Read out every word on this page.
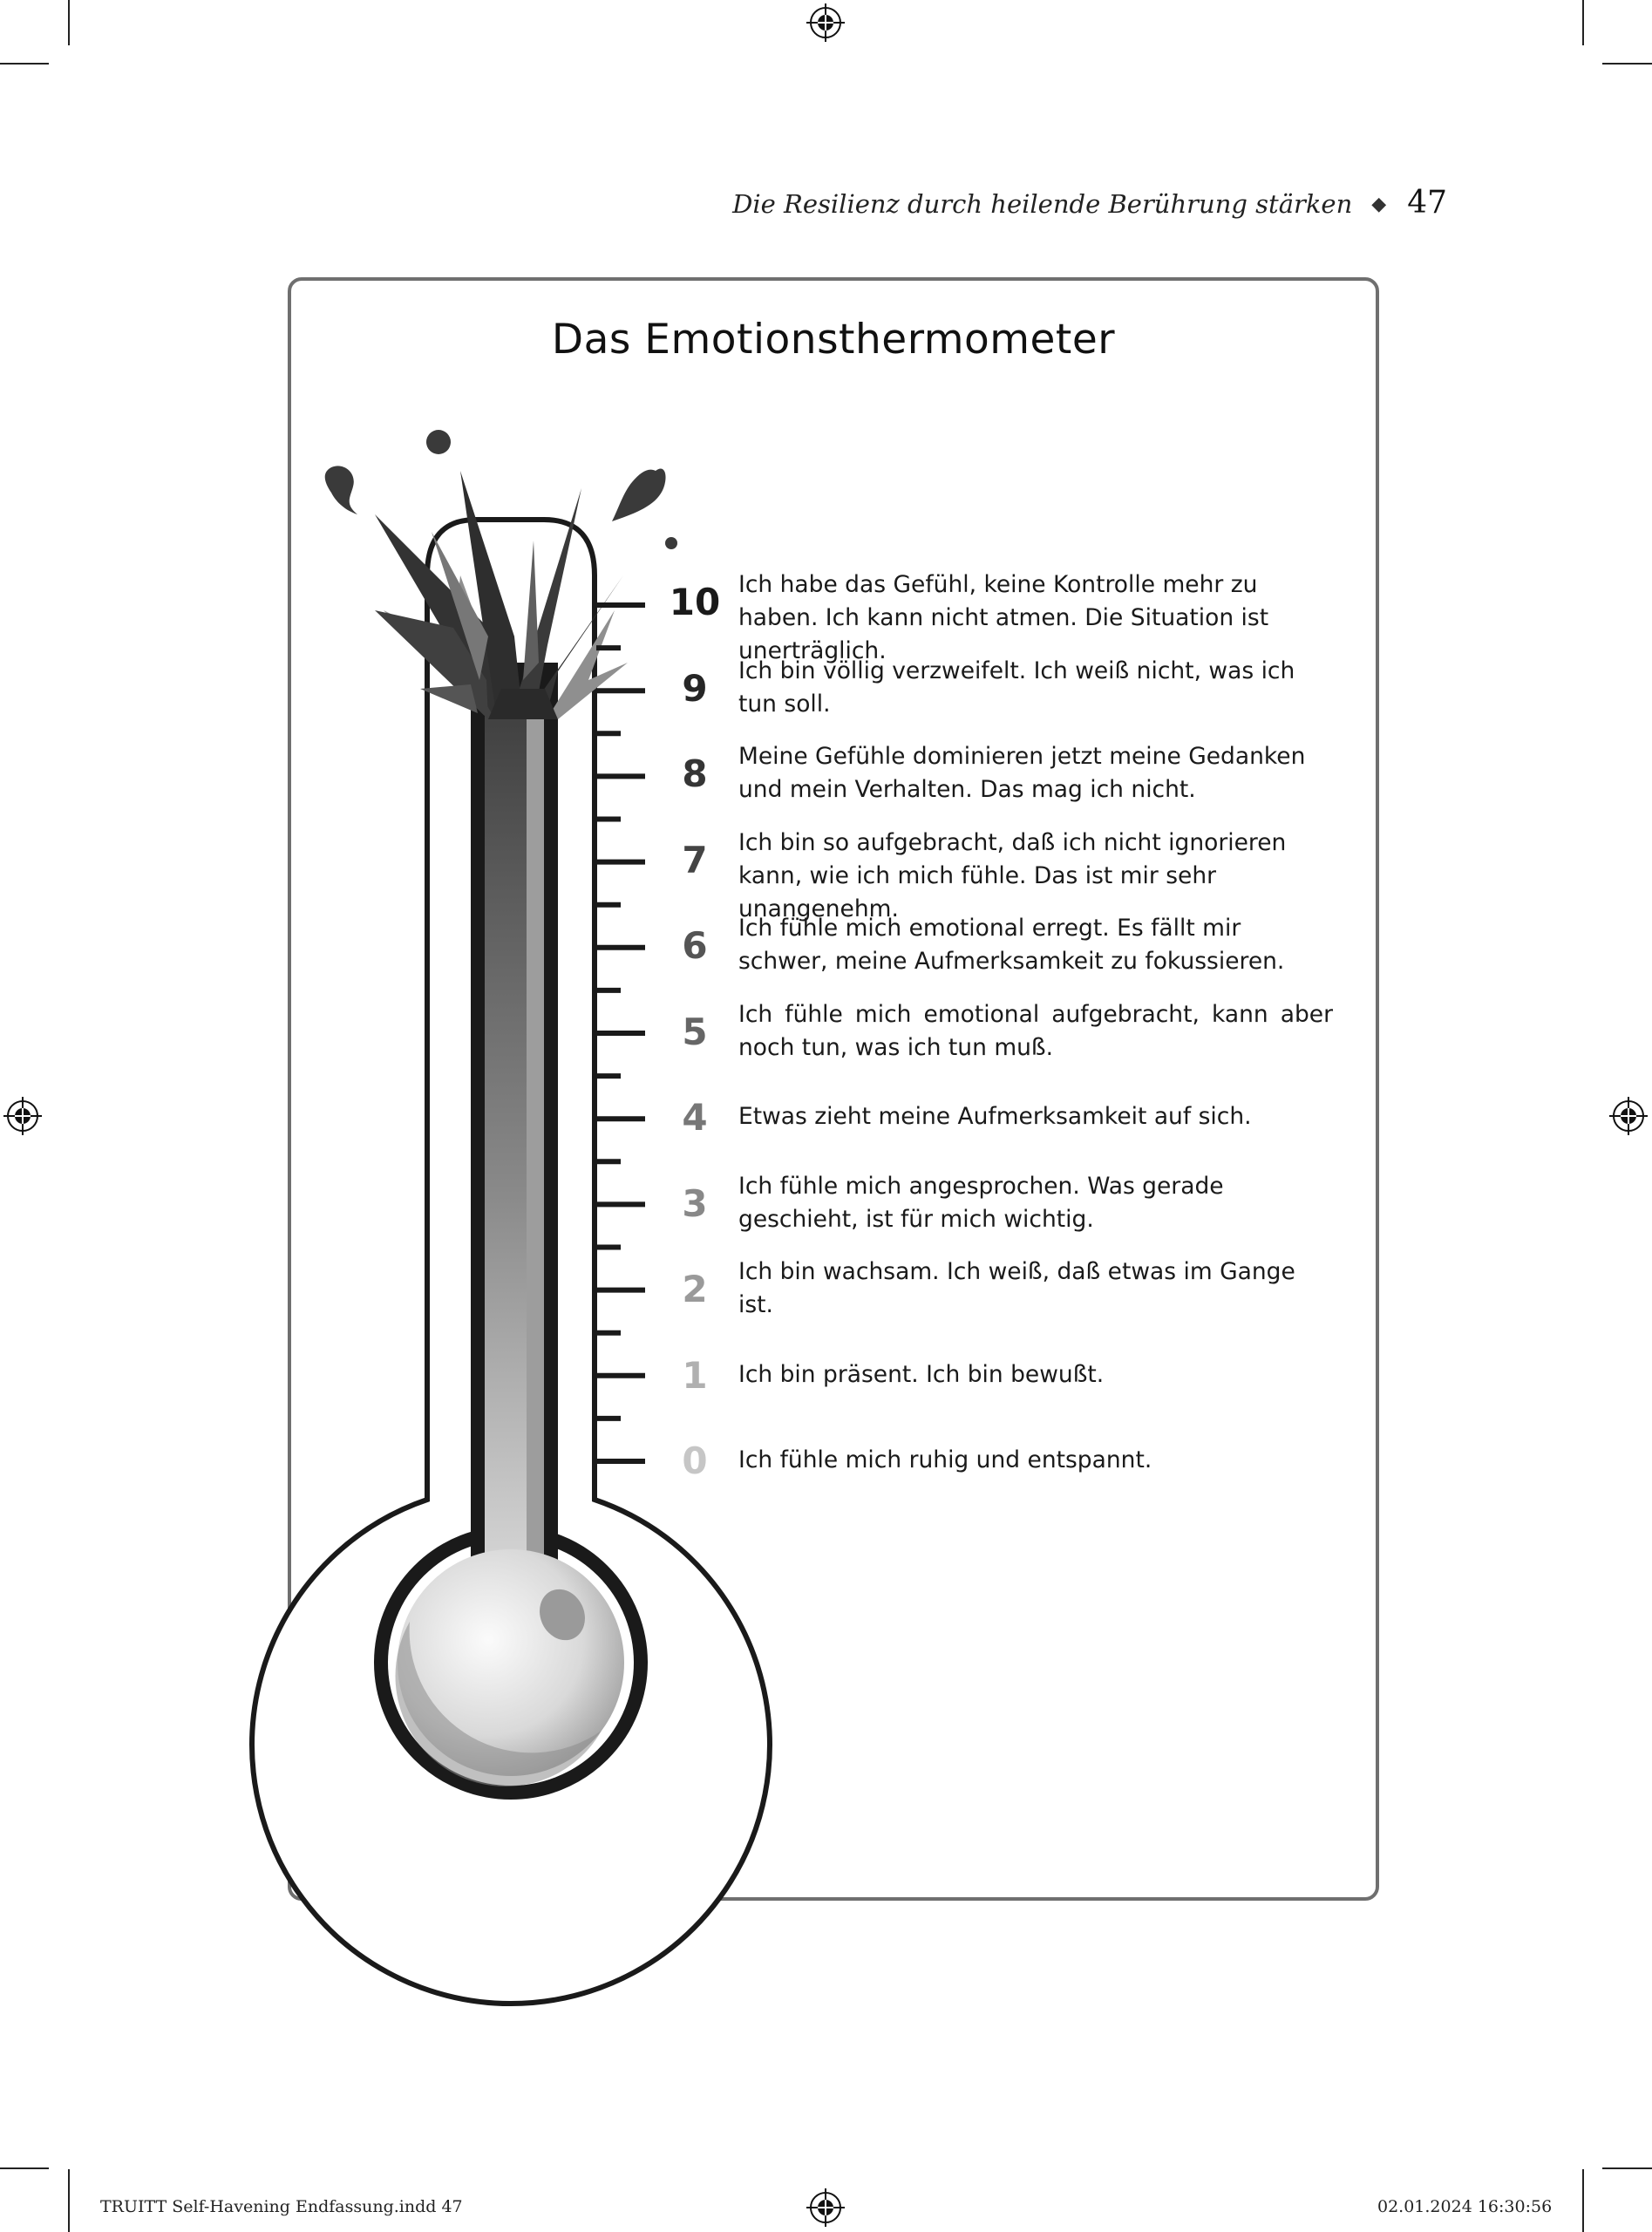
Die Resilienz durch heilende Berührung stärken ◆ 47
Das Emotionsthermometer
10 Ich habe das Gefühl, keine Kontrolle mehr zu haben. Ich kann nicht atmen. Die Situation ist unerträglich.
9	Ich bin völlig verzweifelt. Ich weiß nicht, was ich tun soll.
8	Meine Gefühle dominieren jetzt meine Gedanken und mein Verhalten. Das mag ich nicht.
7	Ich bin so aufgebracht, daß ich nicht ignorieren kann, wie ich mich fühle. Das ist mir sehr unangenehm.
6	Ich fühle mich emotional erregt. Es fällt mir schwer, meine Aufmerksamkeit zu fokussieren.
5	Ich fühle mich emotional aufgebracht, kann aber noch tun, was ich tun muß.
4	Etwas zieht meine Aufmerksamkeit auf sich.
3	Ich fühle mich angesprochen. Was gerade geschieht, ist für mich wichtig.
2	Ich bin wachsam. Ich weiß, daß etwas im Gange ist.
1	Ich bin präsent. Ich bin bewußt.
0	Ich fühle mich ruhig und entspannt.
TRUITT Self-Havening Endfassung.indd 47	02.01.2024 16:30:56
